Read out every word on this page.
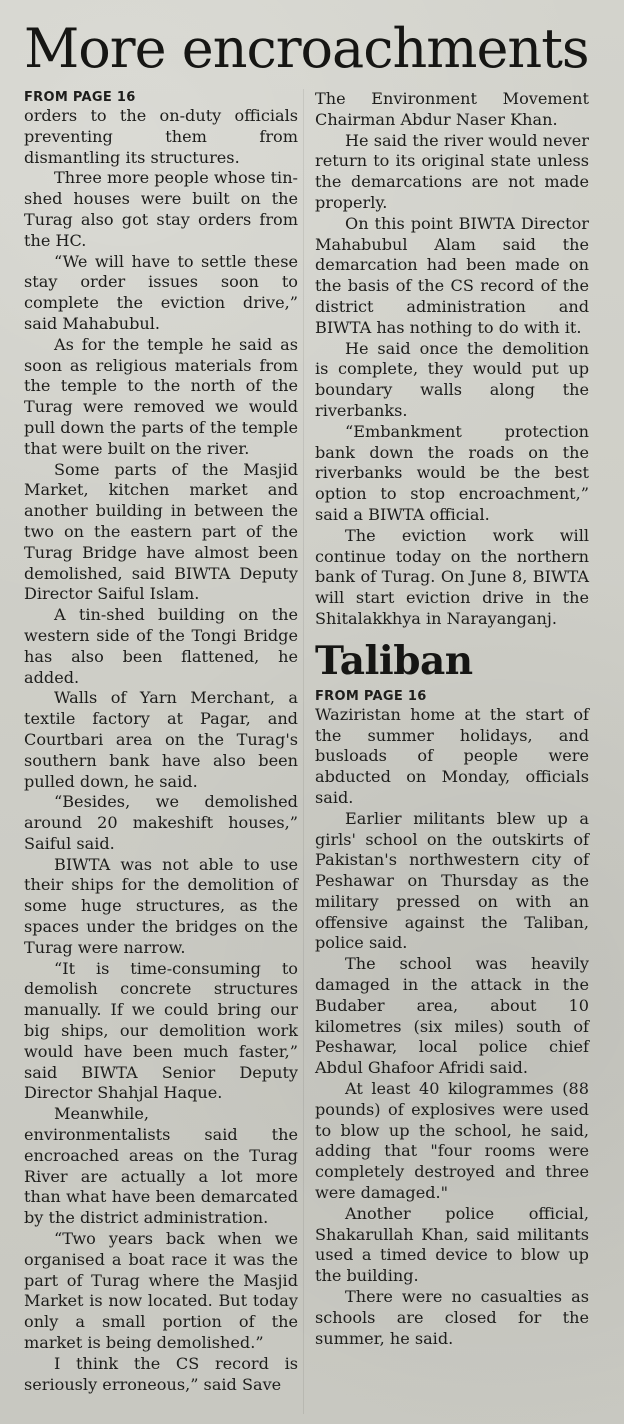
More encroachments

FROM PAGE 16

orders to the on-duty officials preventing them from dismantling its structures.

Three more people whose tin-shed houses were built on the Turag also got stay orders from the HC.

“We will have to settle these stay order issues soon to complete the eviction drive,” said Mahabubul.

As for the temple he said as soon as religious materials from the temple to the north of the Turag were removed we would pull down the parts of the temple that were built on the river.

Some parts of the Masjid Market, kitchen market and another building in between the two on the eastern part of the Turag Bridge have almost been demolished, said BIWTA Deputy Director Saiful Islam.

A tin-shed building on the western side of the Tongi Bridge has also been flattened, he added.

Walls of Yarn Merchant, a textile factory at Pagar, and Courtbari area on the Turag's southern bank have also been pulled down, he said.

“Besides, we demolished around 20 makeshift houses,” Saiful said.

BIWTA was not able to use their ships for the demolition of some huge structures, as the spaces under the bridges on the Turag were narrow.

“It is time-consuming to demolish concrete structures manually. If we could bring our big ships, our demolition work would have been much faster,” said BIWTA Senior Deputy Director Shahjal Haque.

Meanwhile, environmentalists said the encroached areas on the Turag River are actually a lot more than what have been demarcated by the district administration.

“Two years back when we organised a boat race it was the part of Turag where the Masjid Market is now located. But today only a small portion of the market is being demolished.”

I think the CS record is seriously erroneous,” said Save

The Environment Movement Chairman Abdur Naser Khan.

He said the river would never return to its original state unless the demarcations are not made properly.

On this point BIWTA Director Mahabubul Alam said the demarcation had been made on the basis of the CS record of the district administration and BIWTA has nothing to do with it.

He said once the demolition is complete, they would put up boundary walls along the riverbanks.

“Embankment protection bank down the roads on the riverbanks would be the best option to stop encroachment,” said a BIWTA official.

The eviction work will continue today on the northern bank of Turag. On June 8, BIWTA will start eviction drive in the Shitalakkhya in Narayanganj.

Taliban

FROM PAGE 16

Waziristan home at the start of the summer holidays, and busloads of people were abducted on Monday, officials said.

Earlier militants blew up a girls' school on the outskirts of Pakistan's northwestern city of Peshawar on Thursday as the military pressed on with an offensive against the Taliban, police said.

The school was heavily damaged in the attack in the Budaber area, about 10 kilometres (six miles) south of Peshawar, local police chief Abdul Ghafoor Afridi said.

At least 40 kilogrammes (88 pounds) of explosives were used to blow up the school, he said, adding that "four rooms were completely destroyed and three were damaged."

Another police official, Shakarullah Khan, said militants used a timed device to blow up the building.

There were no casualties as schools are closed for the summer, he said.
